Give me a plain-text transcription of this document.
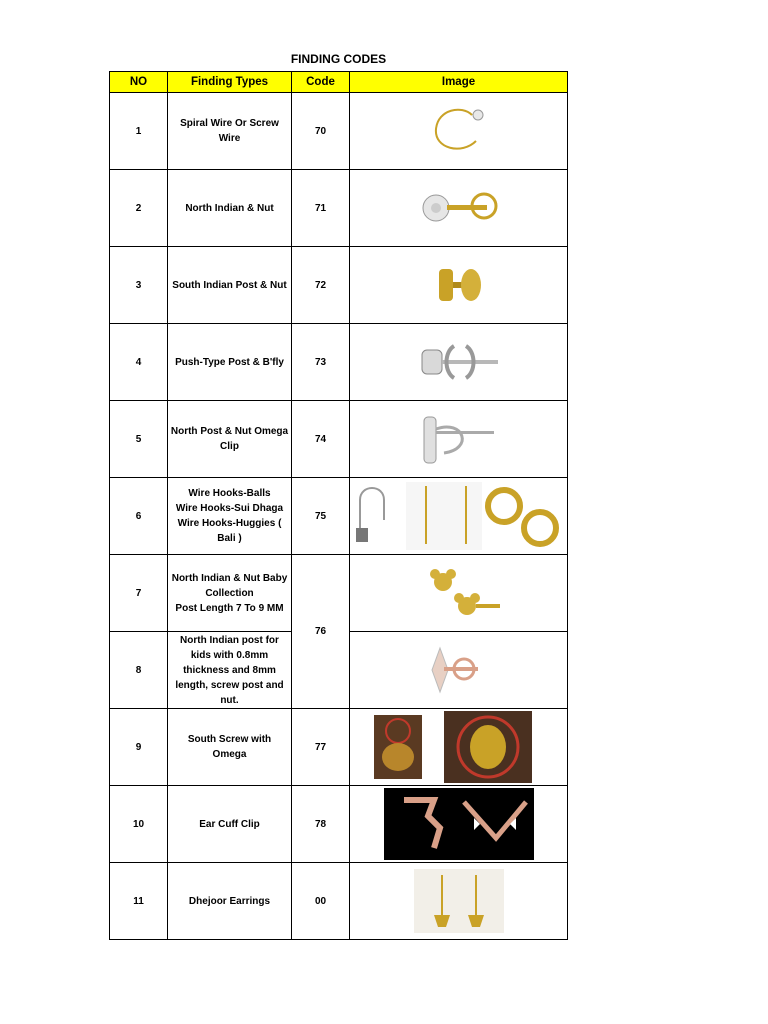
FINDING CODES
NO	Finding Types	Code	Image
1	Spiral Wire Or Screw Wire	70	

2	North Indian & Nut	71	

3	South Indian Post & Nut	72	

4	Push-Type Post & B'fly	73	

5	North Post & Nut Omega Clip	74	

6	Wire Hooks-Balls
Wire Hooks-Sui Dhaga
Wire Hooks-Huggies (
Bali )	75	

7	North Indian & Nut Baby
Collection
Post Length 7 To 9 MM	76	

8	North Indian post for kids with 0.8mm thickness and 8mm length, screw post and nut.	

9	South Screw with Omega	77	

10	Ear Cuff Clip	78	

11	Dhejoor Earrings	00	
